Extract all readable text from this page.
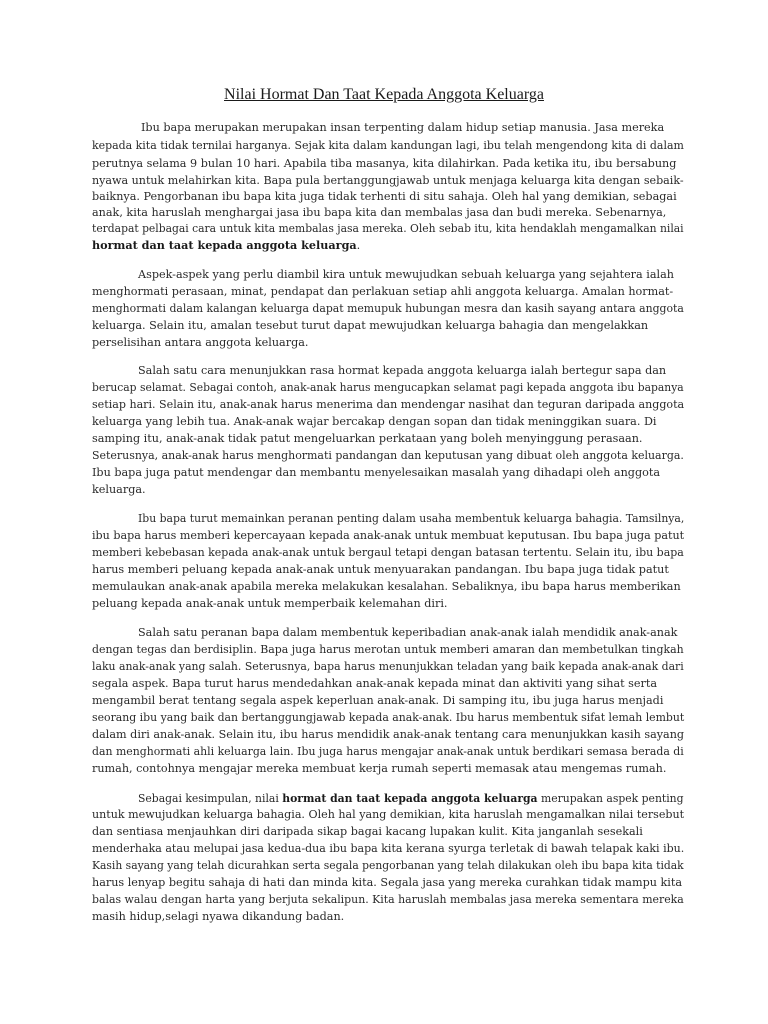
Nilai Hormat Dan Taat Kepada Anggota Keluarga

Ibu bapa merupakan merupakan insan terpenting dalam hidup setiap manusia. Jasa mereka

kepada kita tidak ternilai harganya. Sejak kita dalam kandungan lagi, ibu telah mengendong kita di dalam

perutnya selama 9 bulan 10 hari. Apabila tiba masanya, kita dilahirkan. Pada ketika itu, ibu bersabung

nyawa untuk melahirkan kita. Bapa pula bertanggungjawab untuk menjaga keluarga kita dengan sebaik-

baiknya. Pengorbanan ibu bapa kita juga tidak terhenti di situ sahaja. Oleh hal yang demikian, sebagai

anak, kita haruslah menghargai jasa ibu bapa kita dan membalas jasa dan budi mereka. Sebenarnya,

terdapat pelbagai cara untuk kita membalas jasa mereka. Oleh sebab itu, kita hendaklah mengamalkan nilai

hormat dan taat kepada anggota keluarga.

Aspek-aspek yang perlu diambil kira untuk mewujudkan sebuah keluarga yang sejahtera ialah

menghormati perasaan, minat, pendapat dan perlakuan setiap ahli anggota keluarga. Amalan hormat-

menghormati dalam kalangan keluarga dapat memupuk hubungan mesra dan kasih sayang antara anggota

keluarga. Selain itu, amalan tesebut turut dapat mewujudkan keluarga bahagia dan mengelakkan

perselisihan antara anggota keluarga.

Salah satu cara menunjukkan rasa hormat kepada anggota keluarga ialah bertegur sapa dan

berucap selamat. Sebagai contoh, anak-anak harus mengucapkan selamat pagi kepada anggota ibu bapanya

setiap hari. Selain itu, anak-anak harus menerima dan mendengar nasihat dan teguran daripada anggota

keluarga yang lebih tua. Anak-anak wajar bercakap dengan sopan dan tidak meninggikan suara. Di

samping itu, anak-anak tidak patut mengeluarkan perkataan yang boleh menyinggung perasaan.

Seterusnya, anak-anak harus menghormati pandangan dan keputusan yang dibuat oleh anggota keluarga.

Ibu bapa juga patut mendengar dan membantu menyelesaikan masalah yang dihadapi oleh anggota

keluarga.

Ibu bapa turut memainkan peranan penting dalam usaha membentuk keluarga bahagia. Tamsilnya,

ibu bapa harus memberi kepercayaan kepada anak-anak untuk membuat keputusan. Ibu bapa juga patut

memberi kebebasan kepada anak-anak untuk bergaul tetapi dengan batasan tertentu. Selain itu, ibu bapa

harus memberi peluang kepada anak-anak untuk menyuarakan pandangan. Ibu bapa juga tidak patut

memulaukan anak-anak apabila mereka melakukan kesalahan. Sebaliknya, ibu bapa harus memberikan

peluang kepada anak-anak untuk memperbaik kelemahan diri.

Salah satu peranan bapa dalam membentuk keperibadian anak-anak ialah mendidik anak-anak

dengan tegas dan berdisiplin. Bapa juga harus merotan untuk memberi amaran dan membetulkan tingkah

laku anak-anak yang salah. Seterusnya, bapa harus menunjukkan teladan yang baik kepada anak-anak dari

segala aspek. Bapa turut harus mendedahkan anak-anak kepada minat dan aktiviti yang sihat serta

mengambil berat tentang segala aspek keperluan anak-anak. Di samping itu, ibu juga harus menjadi

seorang ibu yang baik dan bertanggungjawab kepada anak-anak. Ibu harus membentuk sifat lemah lembut

dalam diri anak-anak. Selain itu, ibu harus mendidik anak-anak tentang cara menunjukkan kasih sayang

dan menghormati ahli keluarga lain. Ibu juga harus mengajar anak-anak untuk berdikari semasa berada di

rumah, contohnya mengajar mereka membuat kerja rumah seperti memasak atau mengemas rumah.

Sebagai kesimpulan, nilai hormat dan taat kepada anggota keluarga merupakan aspek penting

untuk mewujudkan keluarga bahagia. Oleh hal yang demikian, kita haruslah mengamalkan nilai tersebut

dan sentiasa menjauhkan diri daripada sikap bagai kacang lupakan kulit. Kita janganlah sesekali

menderhaka atau melupai jasa kedua-dua ibu bapa kita kerana syurga terletak di bawah telapak kaki ibu.

Kasih sayang yang telah dicurahkan serta segala pengorbanan yang telah dilakukan oleh ibu bapa kita tidak

harus lenyap begitu sahaja di hati dan minda kita. Segala jasa yang mereka curahkan tidak mampu kita

balas walau dengan harta yang berjuta sekalipun. Kita haruslah membalas jasa mereka sementara mereka

masih hidup,selagi nyawa dikandung badan.
